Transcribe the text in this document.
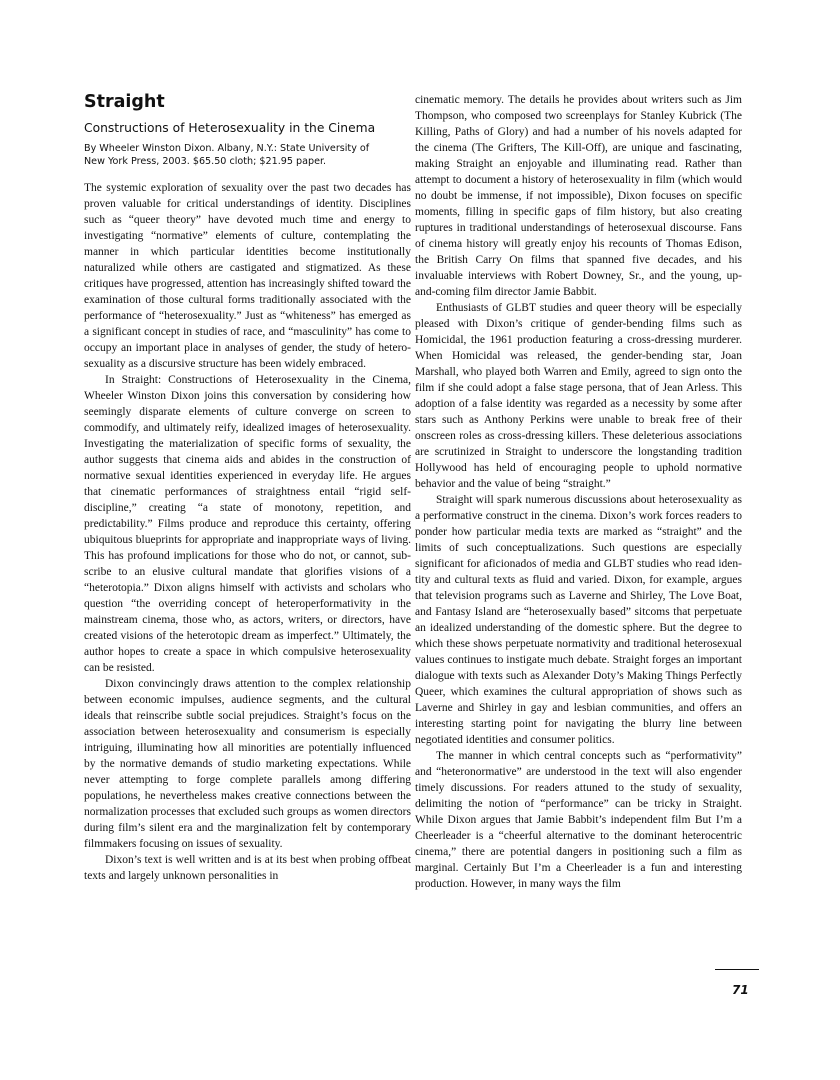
Straight
Constructions of Heterosexuality in the Cinema
By Wheeler Winston Dixon. Albany, N.Y.: State University of
New York Press, 2003. $65.50 cloth; $21.95 paper.

The systemic exploration of sexuality over the past two decades has proven valuable for critical understandings of identity. Disciplines such as “queer theory” have devoted much time and energy to investigating “normative” elements of culture, contemplating the manner in which particular identities become institutionally naturalized while others are castigated and stigmatized. As these critiques have progressed, attention has increasingly shifted toward the examination of those cultural forms traditionally associated with the performance of “heterosexuality.” Just as “whiteness” has emerged as a significant concept in studies of race, and “masculinity” has come to occupy an important place in analyses of gender, the study of heterosexuality as a discursive structure has been widely embraced.

In Straight: Constructions of Heterosexuality in the Cinema, Wheeler Winston Dixon joins this conversation by considering how seemingly disparate elements of culture converge on screen to commodify, and ultimately reify, idealized images of heterosexuality. Investigating the materialization of specific forms of sexuality, the author suggests that cinema aids and abides in the construction of normative sexual identities experienced in everyday life. He argues that cinematic performances of straightness entail “rigid self-discipline,” creating “a state of monotony, repetition, and predictability.” Films produce and reproduce this certainty, offering ubiquitous blueprints for appropriate and inappropriate ways of living. This has profound implications for those who do not, or cannot, subscribe to an elusive cultural mandate that glorifies visions of a “heterotopia.” Dixon aligns himself with activists and scholars who question “the overriding concept of heteroperformativity in the mainstream cinema, those who, as actors, writers, or directors, have created visions of the heterotopic dream as imperfect.” Ultimately, the author hopes to create a space in which compulsive heterosexuality can be resisted.

Dixon convincingly draws attention to the complex relationship between economic impulses, audience segments, and the cultural ideals that reinscribe subtle social prejudices. Straight’s focus on the association between heterosexuality and consumerism is especially intriguing, illuminating how all minorities are potentially influenced by the normative demands of studio marketing expectations. While never attempting to forge complete parallels among differing populations, he nevertheless makes creative connections between the normalization processes that excluded such groups as women directors during film’s silent era and the marginalization felt by contemporary filmmakers focusing on issues of sexuality.

Dixon’s text is well written and is at its best when probing offbeat texts and largely unknown personalities in

cinematic memory. The details he provides about writers such as Jim Thompson, who composed two screenplays for Stanley Kubrick (The Killing, Paths of Glory) and had a number of his novels adapted for the cinema (The Grifters, The Kill-Off), are unique and fascinating, making Straight an enjoyable and illuminating read. Rather than attempt to document a history of heterosexuality in film (which would no doubt be immense, if not impossible), Dixon focuses on specific moments, filling in specific gaps of film history, but also creating ruptures in traditional understandings of heterosexual discourse. Fans of cinema history will greatly enjoy his recounts of Thomas Edison, the British Carry On films that spanned five decades, and his invaluable interviews with Robert Downey, Sr., and the young, up-and-coming film director Jamie Babbit.

Enthusiasts of GLBT studies and queer theory will be especially pleased with Dixon’s critique of gender-bending films such as Homicidal, the 1961 production featuring a cross-dressing murderer. When Homicidal was released, the gender-bending star, Joan Marshall, who played both Warren and Emily, agreed to sign onto the film if she could adopt a false stage persona, that of Jean Arless. This adoption of a false identity was regarded as a necessity by some after stars such as Anthony Perkins were unable to break free of their onscreen roles as cross-dressing killers. These deleterious associations are scrutinized in Straight to underscore the longstanding tradition Hollywood has held of encouraging people to uphold normative behavior and the value of being “straight.”

Straight will spark numerous discussions about heterosexuality as a performative construct in the cinema. Dixon’s work forces readers to ponder how particular media texts are marked as “straight” and the limits of such conceptualizations. Such questions are especially significant for aficionados of media and GLBT studies who read identity and cultural texts as fluid and varied. Dixon, for example, argues that television programs such as Laverne and Shirley, The Love Boat, and Fantasy Island are “heterosexually based” sitcoms that perpetuate an idealized understanding of the domestic sphere. But the degree to which these shows perpetuate normativity and traditional heterosexual values continues to instigate much debate. Straight forges an important dialogue with texts such as Alexander Doty’s Making Things Perfectly Queer, which examines the cultural appropriation of shows such as Laverne and Shirley in gay and lesbian communities, and offers an interesting starting point for navigating the blurry line between negotiated identities and consumer politics.

The manner in which central concepts such as “performativity” and “heteronormative” are understood in the text will also engender timely discussions. For readers attuned to the study of sexuality, delimiting the notion of “performance” can be tricky in Straight. While Dixon argues that Jamie Babbit’s independent film But I’m a Cheerleader is a “cheerful alternative to the dominant heterocentric cinema,” there are potential dangers in positioning such a film as marginal. Certainly But I’m a Cheerleader is a fun and interesting production. However, in many ways the film

71
